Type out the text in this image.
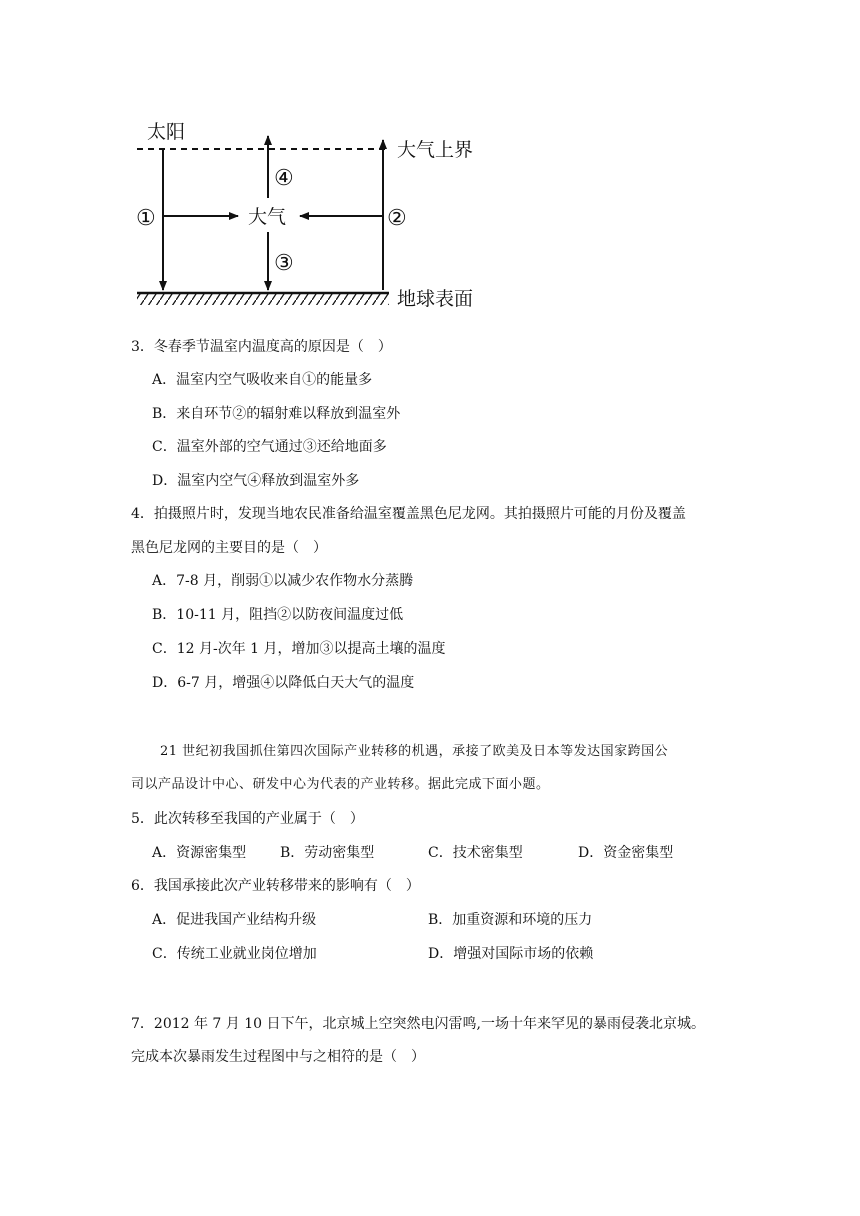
太阳
大气上界
①	大气	②
④
③
地球表面
3．冬春季节温室内温度高的原因是（　）
A．温室内空气吸收来自①的能量多
B．来自环节②的辐射难以释放到温室外
C．温室外部的空气通过③还给地面多
D．温室内空气④释放到温室外多
4．拍摄照片时，发现当地农民准备给温室覆盖黑色尼龙网。其拍摄照片可能的月份及覆盖
黑色尼龙网的主要目的是（　）
A．7-8 月，削弱①以减少农作物水分蒸腾
B．10-11 月，阻挡②以防夜间温度过低
C．12 月-次年 1 月，增加③以提高土壤的温度
D．6-7 月，增强④以降低白天大气的温度
21 世纪初我国抓住第四次国际产业转移的机遇，承接了欧美及日本等发达国家跨国公
司以产品设计中心、研发中心为代表的产业转移。据此完成下面小题。
5．此次转移至我国的产业属于（　）
A．资源密集型 B．劳动密集型	C．技术密集型	D．资金密集型
6．我国承接此次产业转移带来的影响有（　）
A．促进我国产业结构升级	B．加重资源和环境的压力
C．传统工业就业岗位增加	D．增强对国际市场的依赖
7．2012 年 7 月 10 日下午，北京城上空突然电闪雷鸣,一场十年来罕见的暴雨侵袭北京城。
完成本次暴雨发生过程图中与之相符的是（　）
